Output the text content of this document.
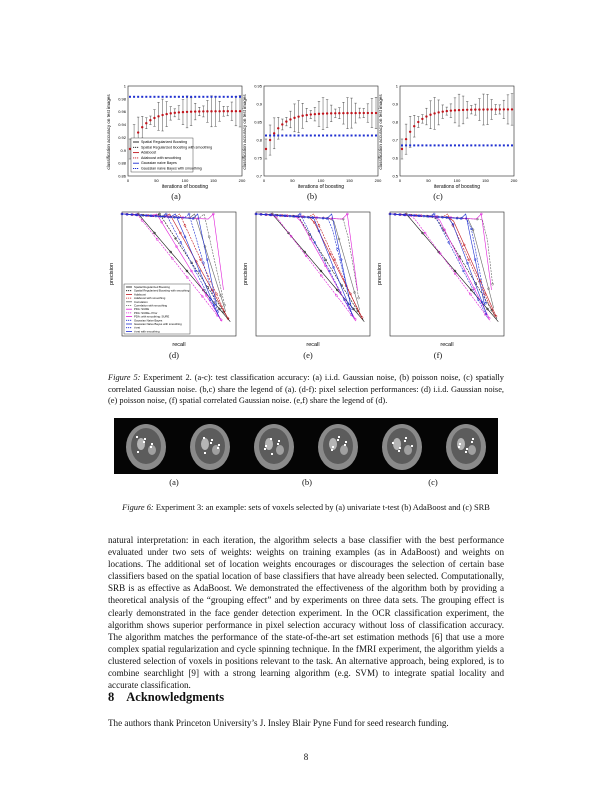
1
0.98
0.96
0.94
0.92
0.9
0.88
0.86
0	50	100	150	200
Spatial Regularized Boosting
Spatial Regularized Boosting with smoothing
Adaboost
Adaboost with smoothing
Gaussian naive Bayes
Gaussian naive Bayes with smoothing
iterations of boosting
classification accuracy on test images
0.95
0.9
0.85
0.8
0.75
0.7
0	50	100	150	200
iterations of boosting
classification accuracy on test images
1
0.9
0.8
0.7
0.6
0.5
0	50	100	150	200
iterations of boosting
classification accuracy on test images
(a)	(b)	(c)
Spatial Regularized Boosting
Spatial Regularized Boosting with smoothing
Adaboost
Adaboost with smoothing
Correlation
Correlation with smoothing
PDA: SURE
PDA: SURE+ Prior
PDA: with smoothing: SURE
Gaussian Naive Bayes
Gaussian Naive Bayes with smoothing
t test
t test with smoothing
recall
precision
recall
precision
recall
precision
(d)	(e)	(f)
Figure 5: Experiment 2. (a-c): test classification accuracy: (a) i.i.d. Gaussian noise, (b) poisson noise, (c) spatially correlated Gaussian noise. (b,c) share the legend of (a). (d-f): pixel selection performances: (d) i.i.d. Gaussian noise, (e) poisson noise, (f) spatial correlated Gaussian noise. (e,f) share the legend of (d).
(a)	(b)	(c)
Figure 6: Experiment 3: an example: sets of voxels selected by (a) univariate t-test (b) AdaBoost and (c) SRB

natural interpretation: in each iteration, the algorithm selects a base classifier with the best performance evaluated under two sets of weights: weights on training examples (as in AdaBoost) and weights on locations. The additional set of location weights encourages or discourages the selection of certain base classifiers based on the spatial location of base classifiers that have already been selected. Computationally, SRB is as effective as AdaBoost. We demonstrated the effectiveness of the algorithm both by providing a theoretical analysis of the “grouping effect” and by experiments on three data sets. The grouping effect is clearly demonstrated in the face gender detection experiment. In the OCR classification experiment, the algorithm shows superior performance in pixel selection accuracy without loss of classification accuracy. The algorithm matches the performance of the state-of-the-art set estimation methods [6] that use a more complex spatial regularization and cycle spinning technique. In the fMRI experiment, the algorithm yields a clustered selection of voxels in positions relevant to the task. An alternative approach, being explored, is to combine searchlight [9] with a strong learning algorithm (e.g. SVM) to integrate spatial locality and accurate classification.

8 Acknowledgments

The authors thank Princeton University’s J. Insley Blair Pyne Fund for seed research funding.

8
